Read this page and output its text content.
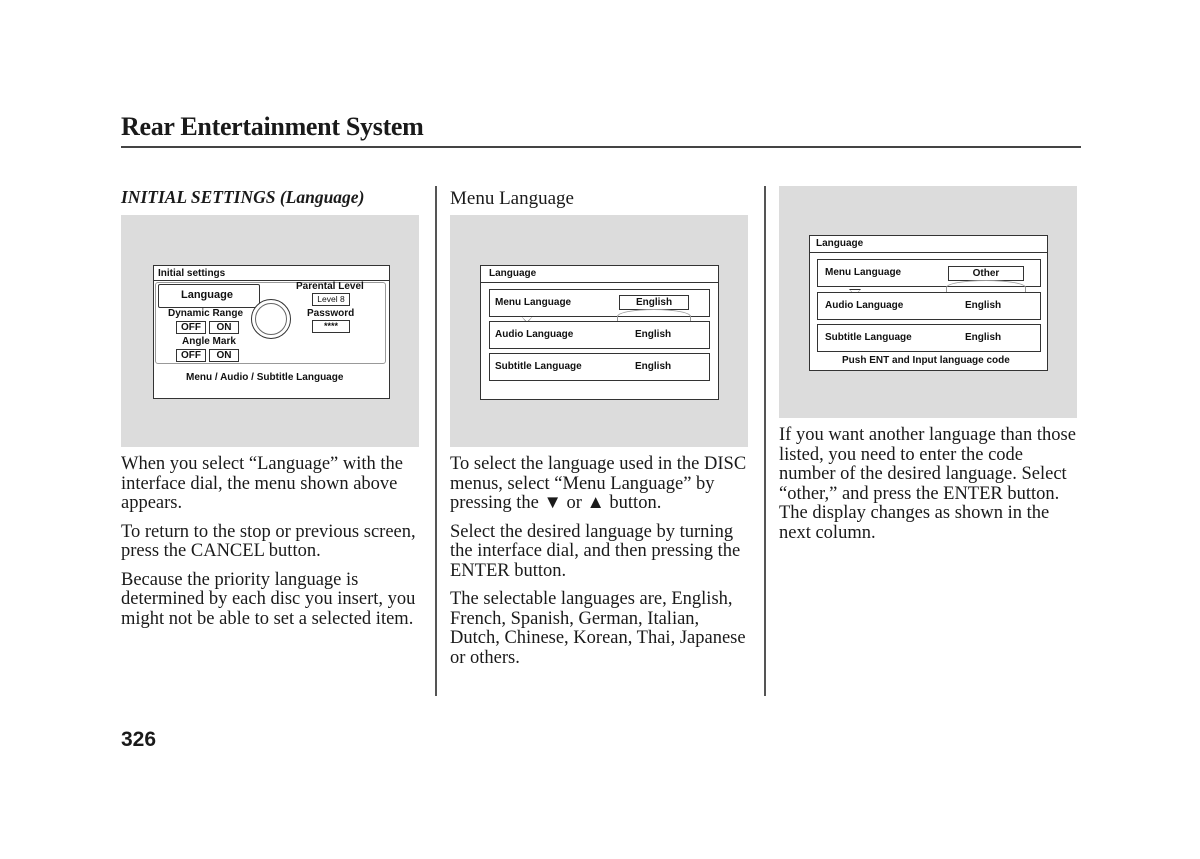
Rear Entertainment System
INITIAL SETTINGS (Language)
Initial settings
Language
Parental Level
Level 8
Dynamic Range
OFF	ON
Password
****
Angle Mark
OFF	ON
Menu / Audio / Subtitle Language

When you select “Language” with the interface dial, the menu shown above appears.

To return to the stop or previous screen, press the CANCEL button.

Because the priority language is determined by each disc you insert, you might not be able to set a selected item.

Menu Language
Language
Menu Language	English
Audio Language	English
Subtitle Language	English

To select the language used in the DISC menus, select “Menu Language” by pressing the ▼ or ▲ button.

Select the desired language by turning the interface dial, and then pressing the ENTER button.

The selectable languages are, English, French, Spanish, German, Italian, Dutch, Chinese, Korean, Thai, Japanese or others.

Language
Menu Language	Other
Audio Language	English
Subtitle Language	English
Push ENT and Input language code

If you want another language than those listed, you need to enter the code number of the desired language. Select “other,” and press the ENTER button. The display changes as shown in the next column.

326
